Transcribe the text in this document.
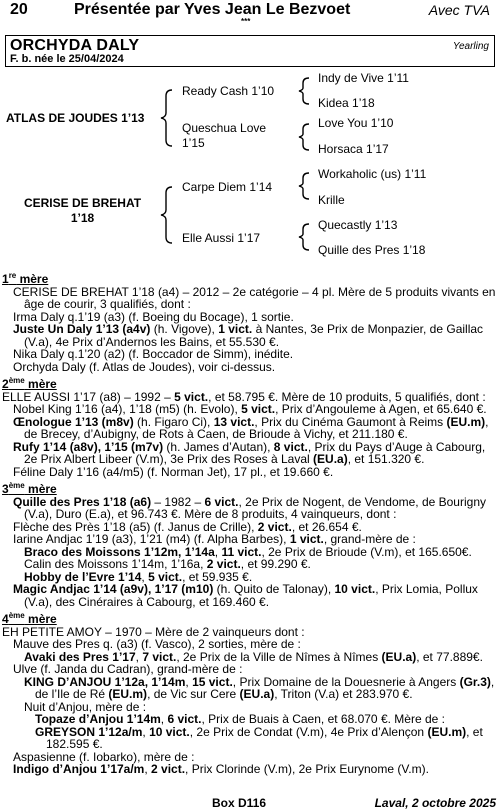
20	Présentée par Yves Jean Le Bezvoet	Avec TVA
***
ORCHYDA DALY
F. b. née le 25/04/2024
Yearling
ATLAS DE JOUDES 1’13
Ready Cash 1’10
Queschua Love
1’15
Indy de Vive 1’11
Kidea 1’18
Love You 1’10
Horsaca 1’17
CERISE DE BREHAT
1’18
Carpe Diem 1’14
Elle Aussi 1’17
Workaholic (us) 1’11
Krille
Quecastly 1’13
Quille des Pres 1’18

1re mère

CERISE DE BREHAT 1’18 (a4) – 2012 – 2e catégorie – 4 pl. Mère de 5 produits vivants en âge de courir, 3 qualifiés, dont :

Irma Daly q.1’19 (a3) (f. Boeing du Bocage), 1 sortie.

Juste Un Daly 1’13 (a4v) (h. Vigove), 1 vict. à Nantes, 3e Prix de Monpazier, de Gaillac (V.a), 4e Prix d’Andernos les Bains, et 55.530 €.

Nika Daly q.1’20 (a2) (f. Boccador de Simm), inédite.

Orchyda Daly (f. Atlas de Joudes), voir ci-dessus.

2ème mère

ELLE AUSSI 1’17 (a8) – 1992 – 5 vict., et 58.795 €. Mère de 10 produits, 5 qualifiés, dont :

Nobel King 1’16 (a4), 1’18 (m5) (h. Evolo), 5 vict., Prix d’Angouleme à Agen, et 65.640 €.

Œnologue 1’13 (m8v) (h. Figaro Ci), 13 vict., Prix du Cinéma Gaumont à Reims (EU.m), de Brecey, d’Aubigny, de Rots à Caen, de Brioude à Vichy, et 211.180 €.

Rufy 1’14 (a8v), 1’15 (m7v) (h. James d’Autan), 8 vict., Prix du Pays d’Auge à Cabourg, 2e Prix Albert Libeer (V.m), 3e Prix des Roses à Laval (EU.a), et 151.320 €.

Féline Daly 1’16 (a4/m5) (f. Norman Jet), 17 pl., et 19.660 €.

3ème mère

Quille des Pres 1’18 (a6) – 1982 – 6 vict., 2e Prix de Nogent, de Vendome, de Bourigny (V.a), Duro (E.a), et 96.743 €. Mère de 8 produits, 4 vainqueurs, dont :

Flèche des Près 1’18 (a5) (f. Janus de Crille), 2 vict., et 26.654 €.

Iarine Andjac 1’19 (a3), 1’21 (m4) (f. Alpha Barbes), 1 vict., grand-mère de :

Braco des Moissons 1’12m, 1’14a, 11 vict., 2e Prix de Brioude (V.m), et 165.650€.

Calin des Moissons 1’14m, 1’16a, 2 vict., et 99.290 €.

Hobby de l’Evre 1’14, 5 vict., et 59.935 €.

Magic Andjac 1’14 (a9v), 1’17 (m10) (h. Quito de Talonay), 10 vict., Prix Lomia, Pollux (V.a), des Cinéraires à Cabourg, et 169.460 €.

4ème mère

EH PETITE AMOY – 1970 – Mère de 2 vainqueurs dont :

Mauve des Pres q. (a3) (f. Vasco), 2 sorties, mère de :

Avaki des Pres 1’17, 7 vict., 2e Prix de la Ville de Nîmes à Nîmes (EU.a), et 77.889€.

Ulve (f. Janda du Cadran), grand-mère de :

KING D’ANJOU 1’12a, 1’14m, 15 vict., Prix Domaine de la Douesnerie à Angers (Gr.3), de l’Ile de Ré (EU.m), de Vic sur Cere (EU.a), Triton (V.a) et 283.970 €.

Nuit d’Anjou, mère de :

Topaze d’Anjou 1’14m, 6 vict., Prix de Buais à Caen, et 68.070 €. Mère de :

GREYSON 1’12a/m, 10 vict., 2e Prix de Condat (V.m), 4e Prix d’Alençon (EU.m), et 182.595 €.

Aspasienne (f. Iobarko), mère de :

Indigo d’Anjou 1’17a/m, 2 vict., Prix Clorinde (V.m), 2e Prix Eurynome (V.m).

Box D116	Laval, 2 octobre 2025
